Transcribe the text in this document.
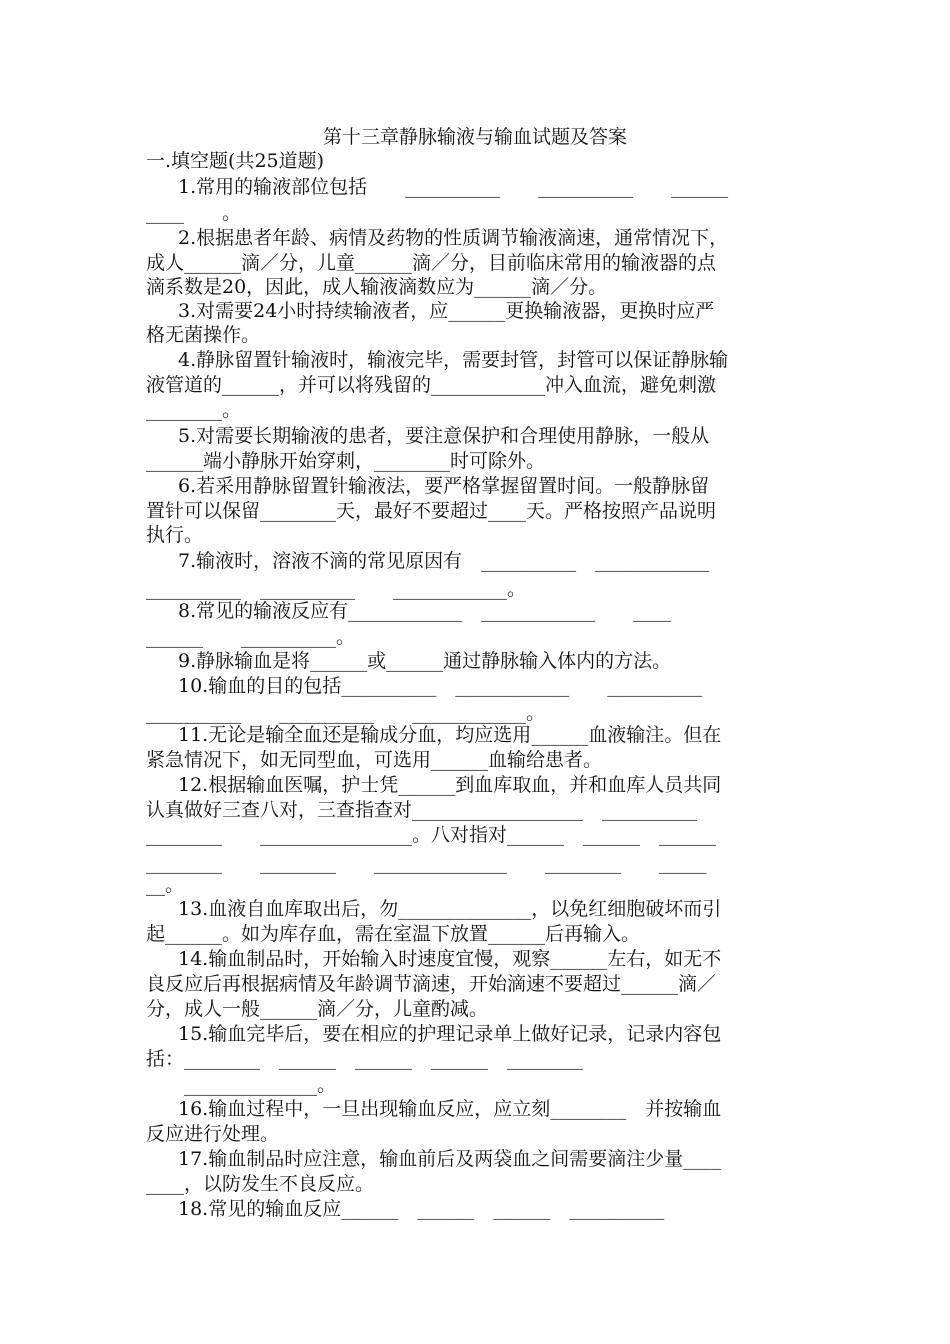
第十三章静脉输液与输血试题及答案
一.填空题(共25道题)
1.常用的输液部位包括　　__________　　__________　　______
____　　。
2.根据患者年龄、病情及药物的性质调节输液滴速，通常情况下，
成人______滴／分，儿童______滴／分，目前临床常用的输液器的点
滴系数是20，因此，成人输液滴数应为______滴／分。
3.对需要24小时持续输液者，应______更换输液器，更换时应严
格无菌操作。
4.静脉留置针输液时，输液完毕，需要封管，封管可以保证静脉输
液管道的______，并可以将残留的____________冲入血流，避免刺激
________。
5.对需要长期输液的患者，要注意保护和合理使用静脉，一般从
______端小静脉开始穿刺，________时可除外。
6.若采用静脉留置针输液法，要严格掌握留置时间。一般静脉留
置针可以保留________天，最好不要超过____天。严格按照产品说明
执行。
7.输液时，溶液不滴的常见原因有　__________　____________
__________　__________　　____________。
8.常见的输液反应有____________　____________　　____
______　　__________。
9.静脉输血是将______或______通过静脉输入体内的方法。
10.输血的目的包括__________　____________　　__________
__________　　__________　　____________。
11.无论是输全血还是输成分血，均应选用______血液输注。但在
紧急情况下，如无同型血，可选用______血输给患者。
12.根据输血医嘱，护士凭______到血库取血，并和血库人员共同
认真做好三查八对，三查指查对__________________　__________
________　　________________。八对指对______　______　______
________　　________　　______________　　________　　_____
__。
13.血液自血库取出后，勿______________，以免红细胞破坏而引
起______。如为库存血，需在室温下放置______后再输入。
14.输血制品时，开始输入时速度宜慢，观察______左右，如无不
良反应后再根据病情及年龄调节滴速，开始滴速不要超过______滴／
分，成人一般______滴／分，儿童酌减。
15.输血完毕后，要在相应的护理记录单上做好记录，记录内容包
括：________　______　______　______　________
　　______________。
16.输血过程中，一旦出现输血反应，应立刻________　并按输血
反应进行处理。
17.输血制品时应注意，输血前后及两袋血之间需要滴注少量____
____，以防发生不良反应。
18.常见的输血反应______　______　______　__________
